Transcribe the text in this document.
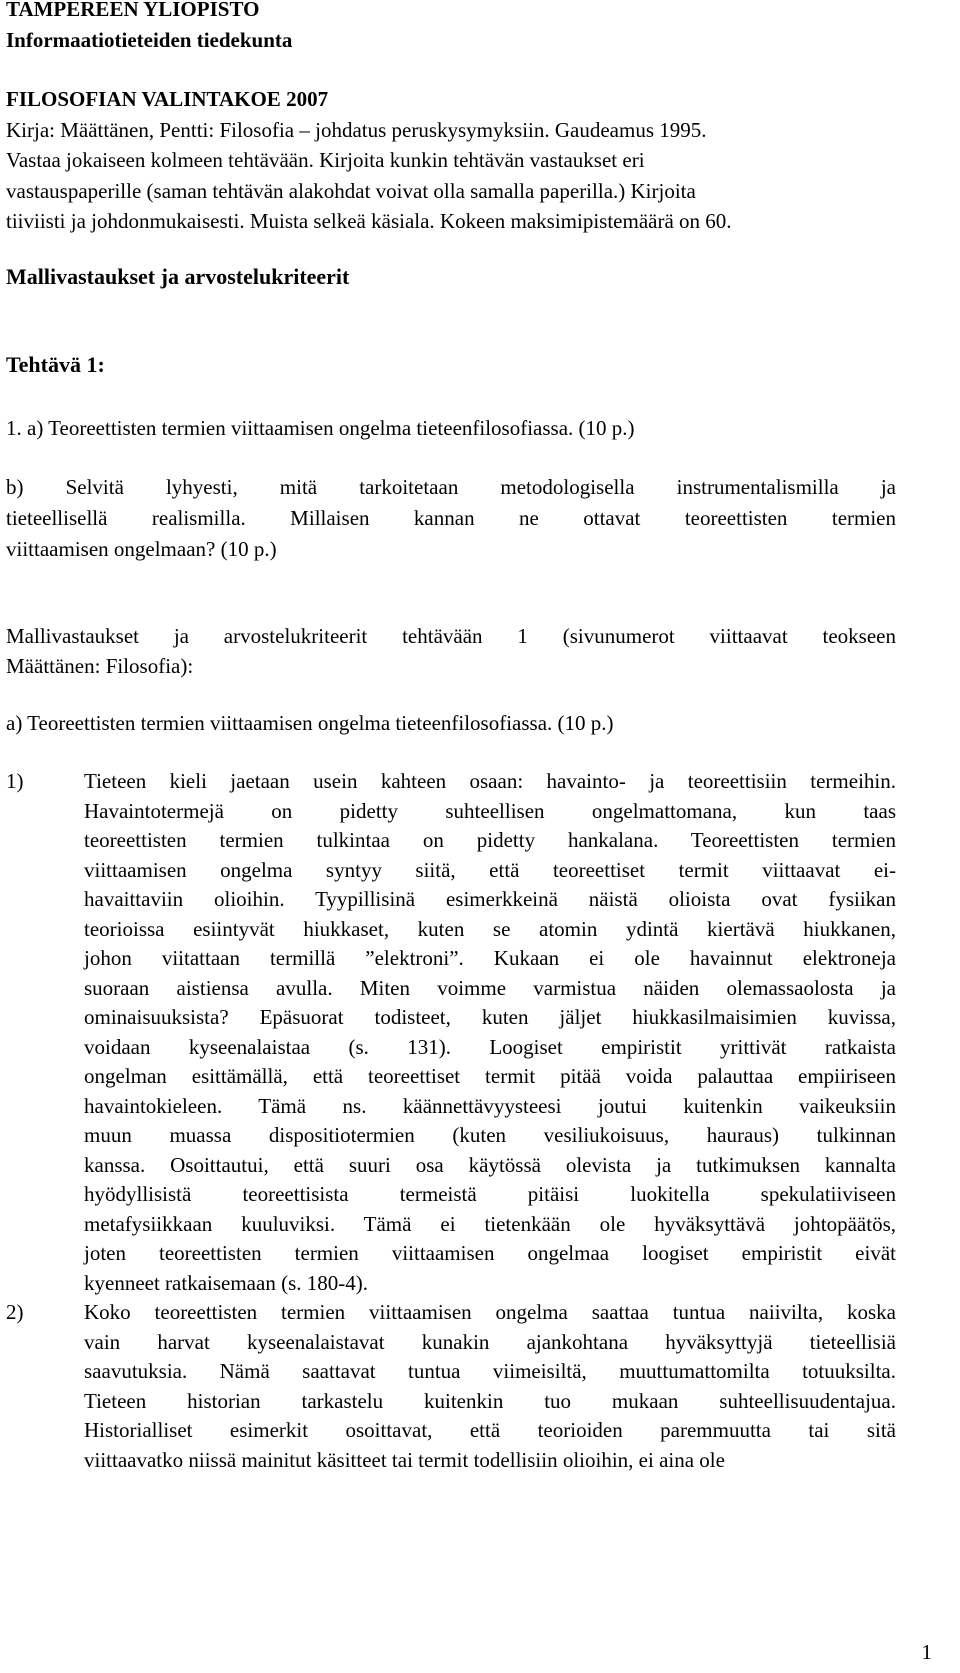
TAMPEREEN YLIOPISTO
Informaatiotieteiden tiedekunta
FILOSOFIAN VALINTAKOE 2007
Kirja: Määttänen, Pentti: Filosofia – johdatus peruskysymyksiin. Gaudeamus 1995.
Vastaa jokaiseen kolmeen tehtävään. Kirjoita kunkin tehtävän vastaukset eri
vastauspaperille (saman tehtävän alakohdat voivat olla samalla paperilla.) Kirjoita
tiiviisti ja johdonmukaisesti. Muista selkeä käsiala. Kokeen maksimipistemäärä on 60.
Mallivastaukset ja arvostelukriteerit
Tehtävä 1:
1. a) Teoreettisten termien viittaamisen ongelma tieteenfilosofiassa. (10 p.)
b) Selvitä lyhyesti, mitä tarkoitetaan metodologisella instrumentalismilla ja
tieteellisellä realismilla. Millaisen kannan ne ottavat teoreettisten termien
viittaamisen ongelmaan? (10 p.)
Mallivastaukset ja arvostelukriteerit tehtävään 1 (sivunumerot viittaavat teokseen
Määttänen: Filosofia):
a) Teoreettisten termien viittaamisen ongelma tieteenfilosofiassa. (10 p.)
1)	Tieteen kieli jaetaan usein kahteen osaan: havainto- ja teoreettisiin termeihin.
Havaintotermejä on pidetty suhteellisen ongelmattomana, kun taas
teoreettisten termien tulkintaa on pidetty hankalana. Teoreettisten termien
viittaamisen ongelma syntyy siitä, että teoreettiset termit viittaavat ei-
havaittaviin olioihin. Tyypillisinä esimerkkeinä näistä olioista ovat fysiikan
teorioissa esiintyvät hiukkaset, kuten se atomin ydintä kiertävä hiukkanen,
johon viitattaan termillä ”elektroni”. Kukaan ei ole havainnut elektroneja
suoraan aistiensa avulla. Miten voimme varmistua näiden olemassaolosta ja
ominaisuuksista? Epäsuorat todisteet, kuten jäljet hiukkasilmaisimien kuvissa,
voidaan kyseenalaistaa (s. 131). Loogiset empiristit yrittivät ratkaista
ongelman esittämällä, että teoreettiset termit pitää voida palauttaa empiiriseen
havaintokieleen. Tämä ns. käännettävyysteesi joutui kuitenkin vaikeuksiin
muun muassa dispositiotermien (kuten vesiliukoisuus, hauraus) tulkinnan
kanssa. Osoittautui, että suuri osa käytössä olevista ja tutkimuksen kannalta
hyödyllisistä teoreettisista termeistä pitäisi luokitella spekulatiiviseen
metafysiikkaan kuuluviksi. Tämä ei tietenkään ole hyväksyttävä johtopäätös,
joten teoreettisten termien viittaamisen ongelmaa loogiset empiristit eivät
kyenneet ratkaisemaan (s. 180-4).
2)	Koko teoreettisten termien viittaamisen ongelma saattaa tuntua naiivilta, koska
vain harvat kyseenalaistavat kunakin ajankohtana hyväksyttyjä tieteellisiä
saavutuksia. Nämä saattavat tuntua viimeisiltä, muuttumattomilta totuuksilta.
Tieteen historian tarkastelu kuitenkin tuo mukaan suhteellisuudentajua.
Historialliset esimerkit osoittavat, että teorioiden paremmuutta tai sitä
viittaavatko niissä mainitut käsitteet tai termit todellisiin olioihin, ei aina ole
1
